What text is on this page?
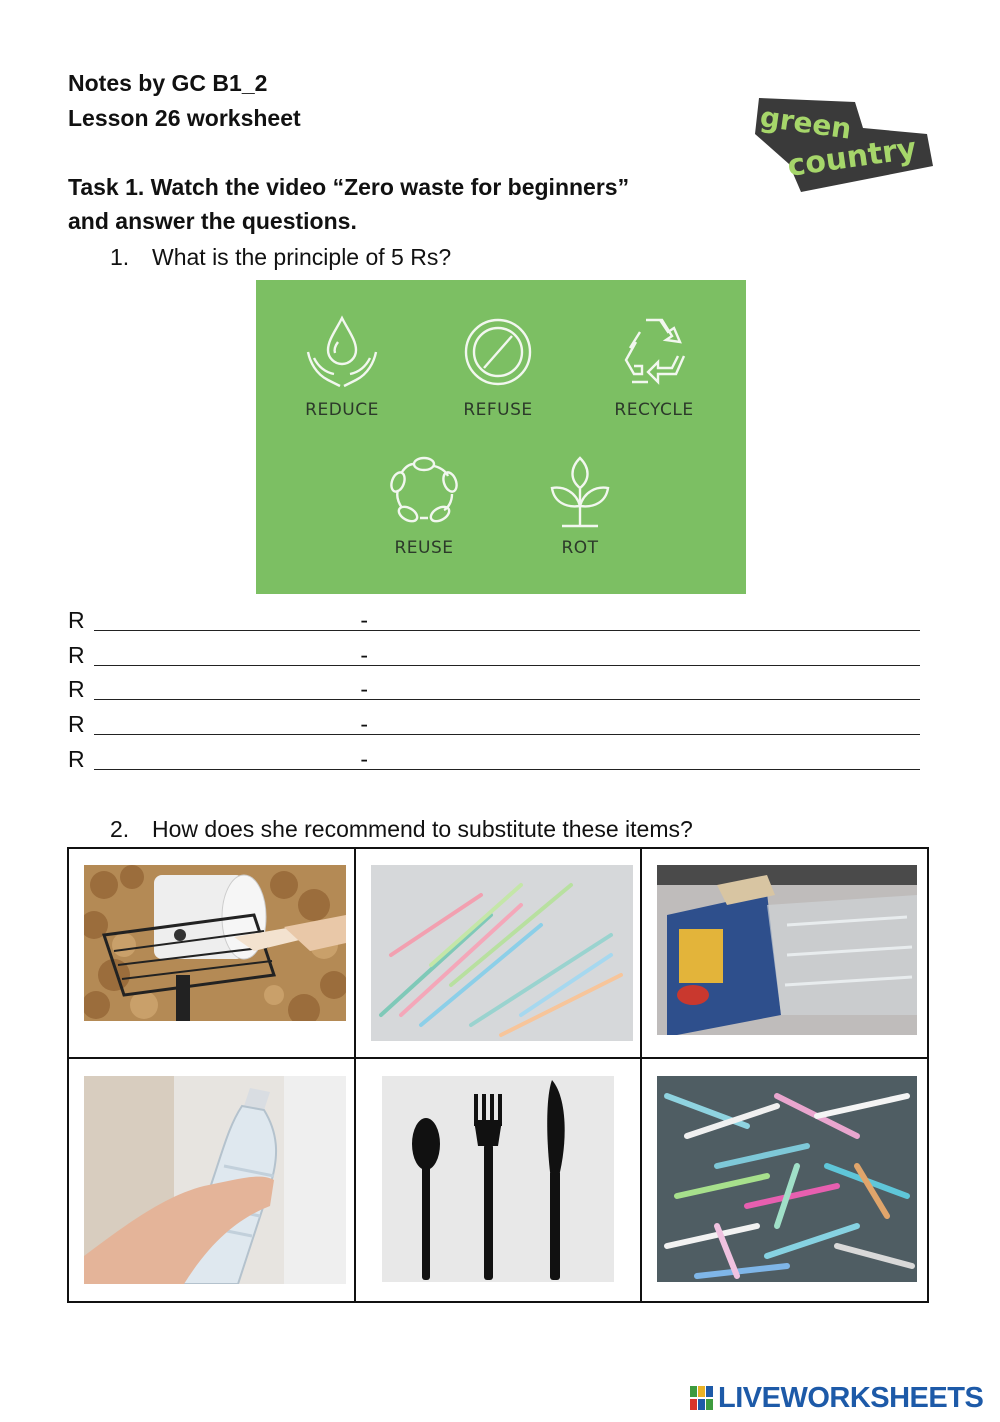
Notes by GC B1_2
Lesson 26 worksheet	green
country
Task 1. Watch the video “Zero waste for beginners”
and answer the questions.
1. What is the principle of 5 Rs?
REDUCE	REFUSE	RECYCLE
REUSE	ROT
R	-
R	-
R	-
R	-
R	-
2. How does she recommend to substitute these items?
LIVEWORKSHEETS
